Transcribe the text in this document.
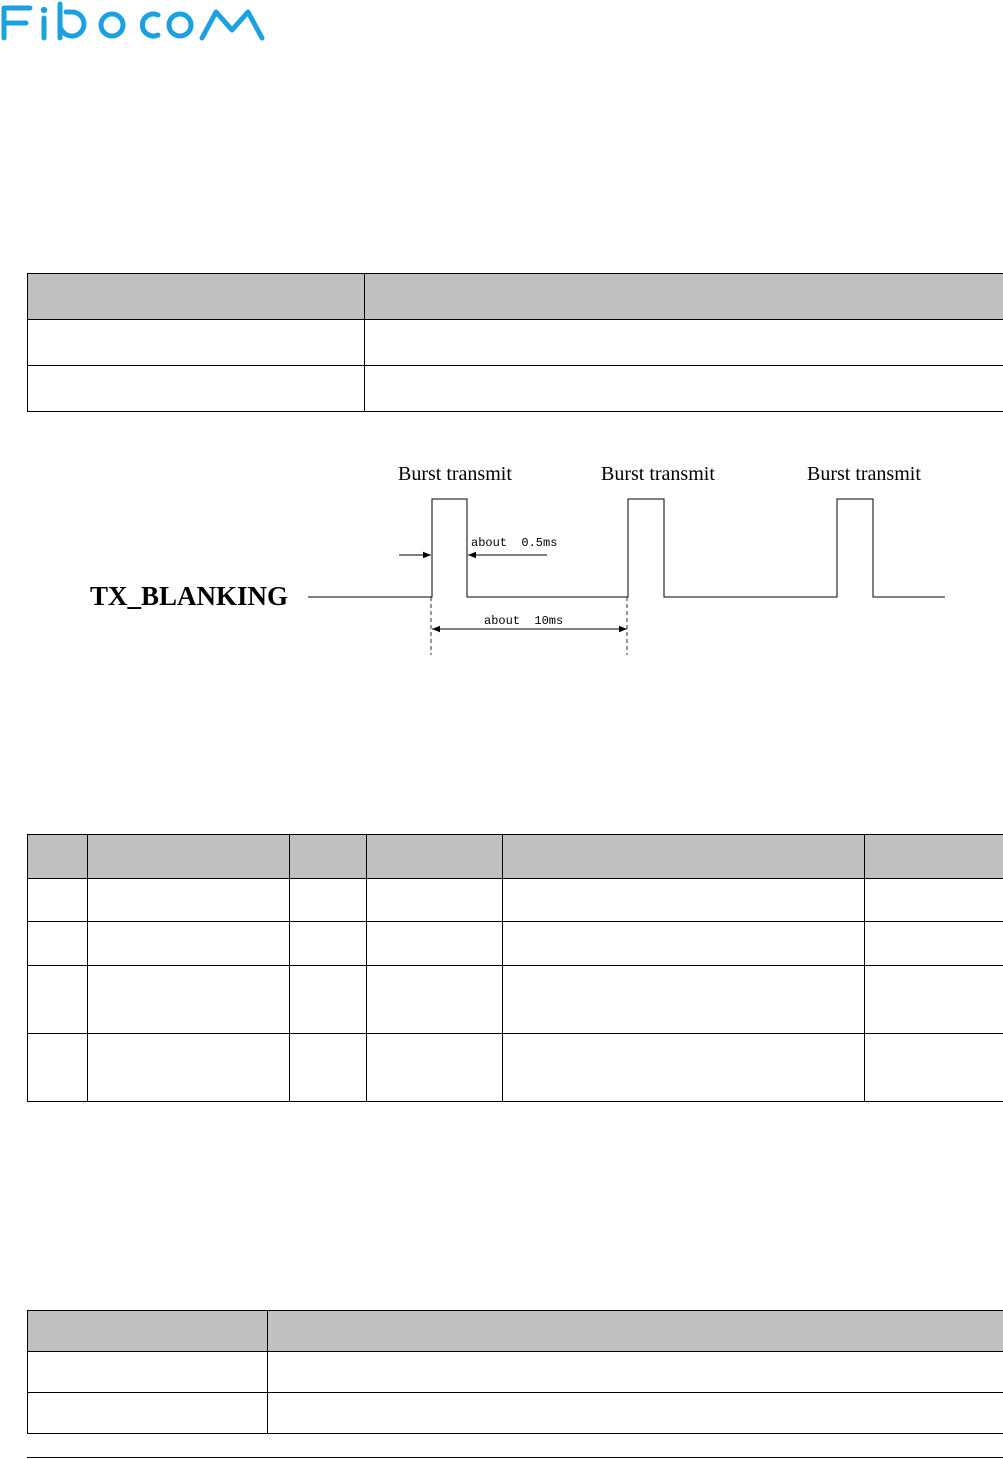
FIBOCOM

Burst transmit	Burst transmit	Burst transmit
TX_BLANKING
about  0.5ms
about  10ms
